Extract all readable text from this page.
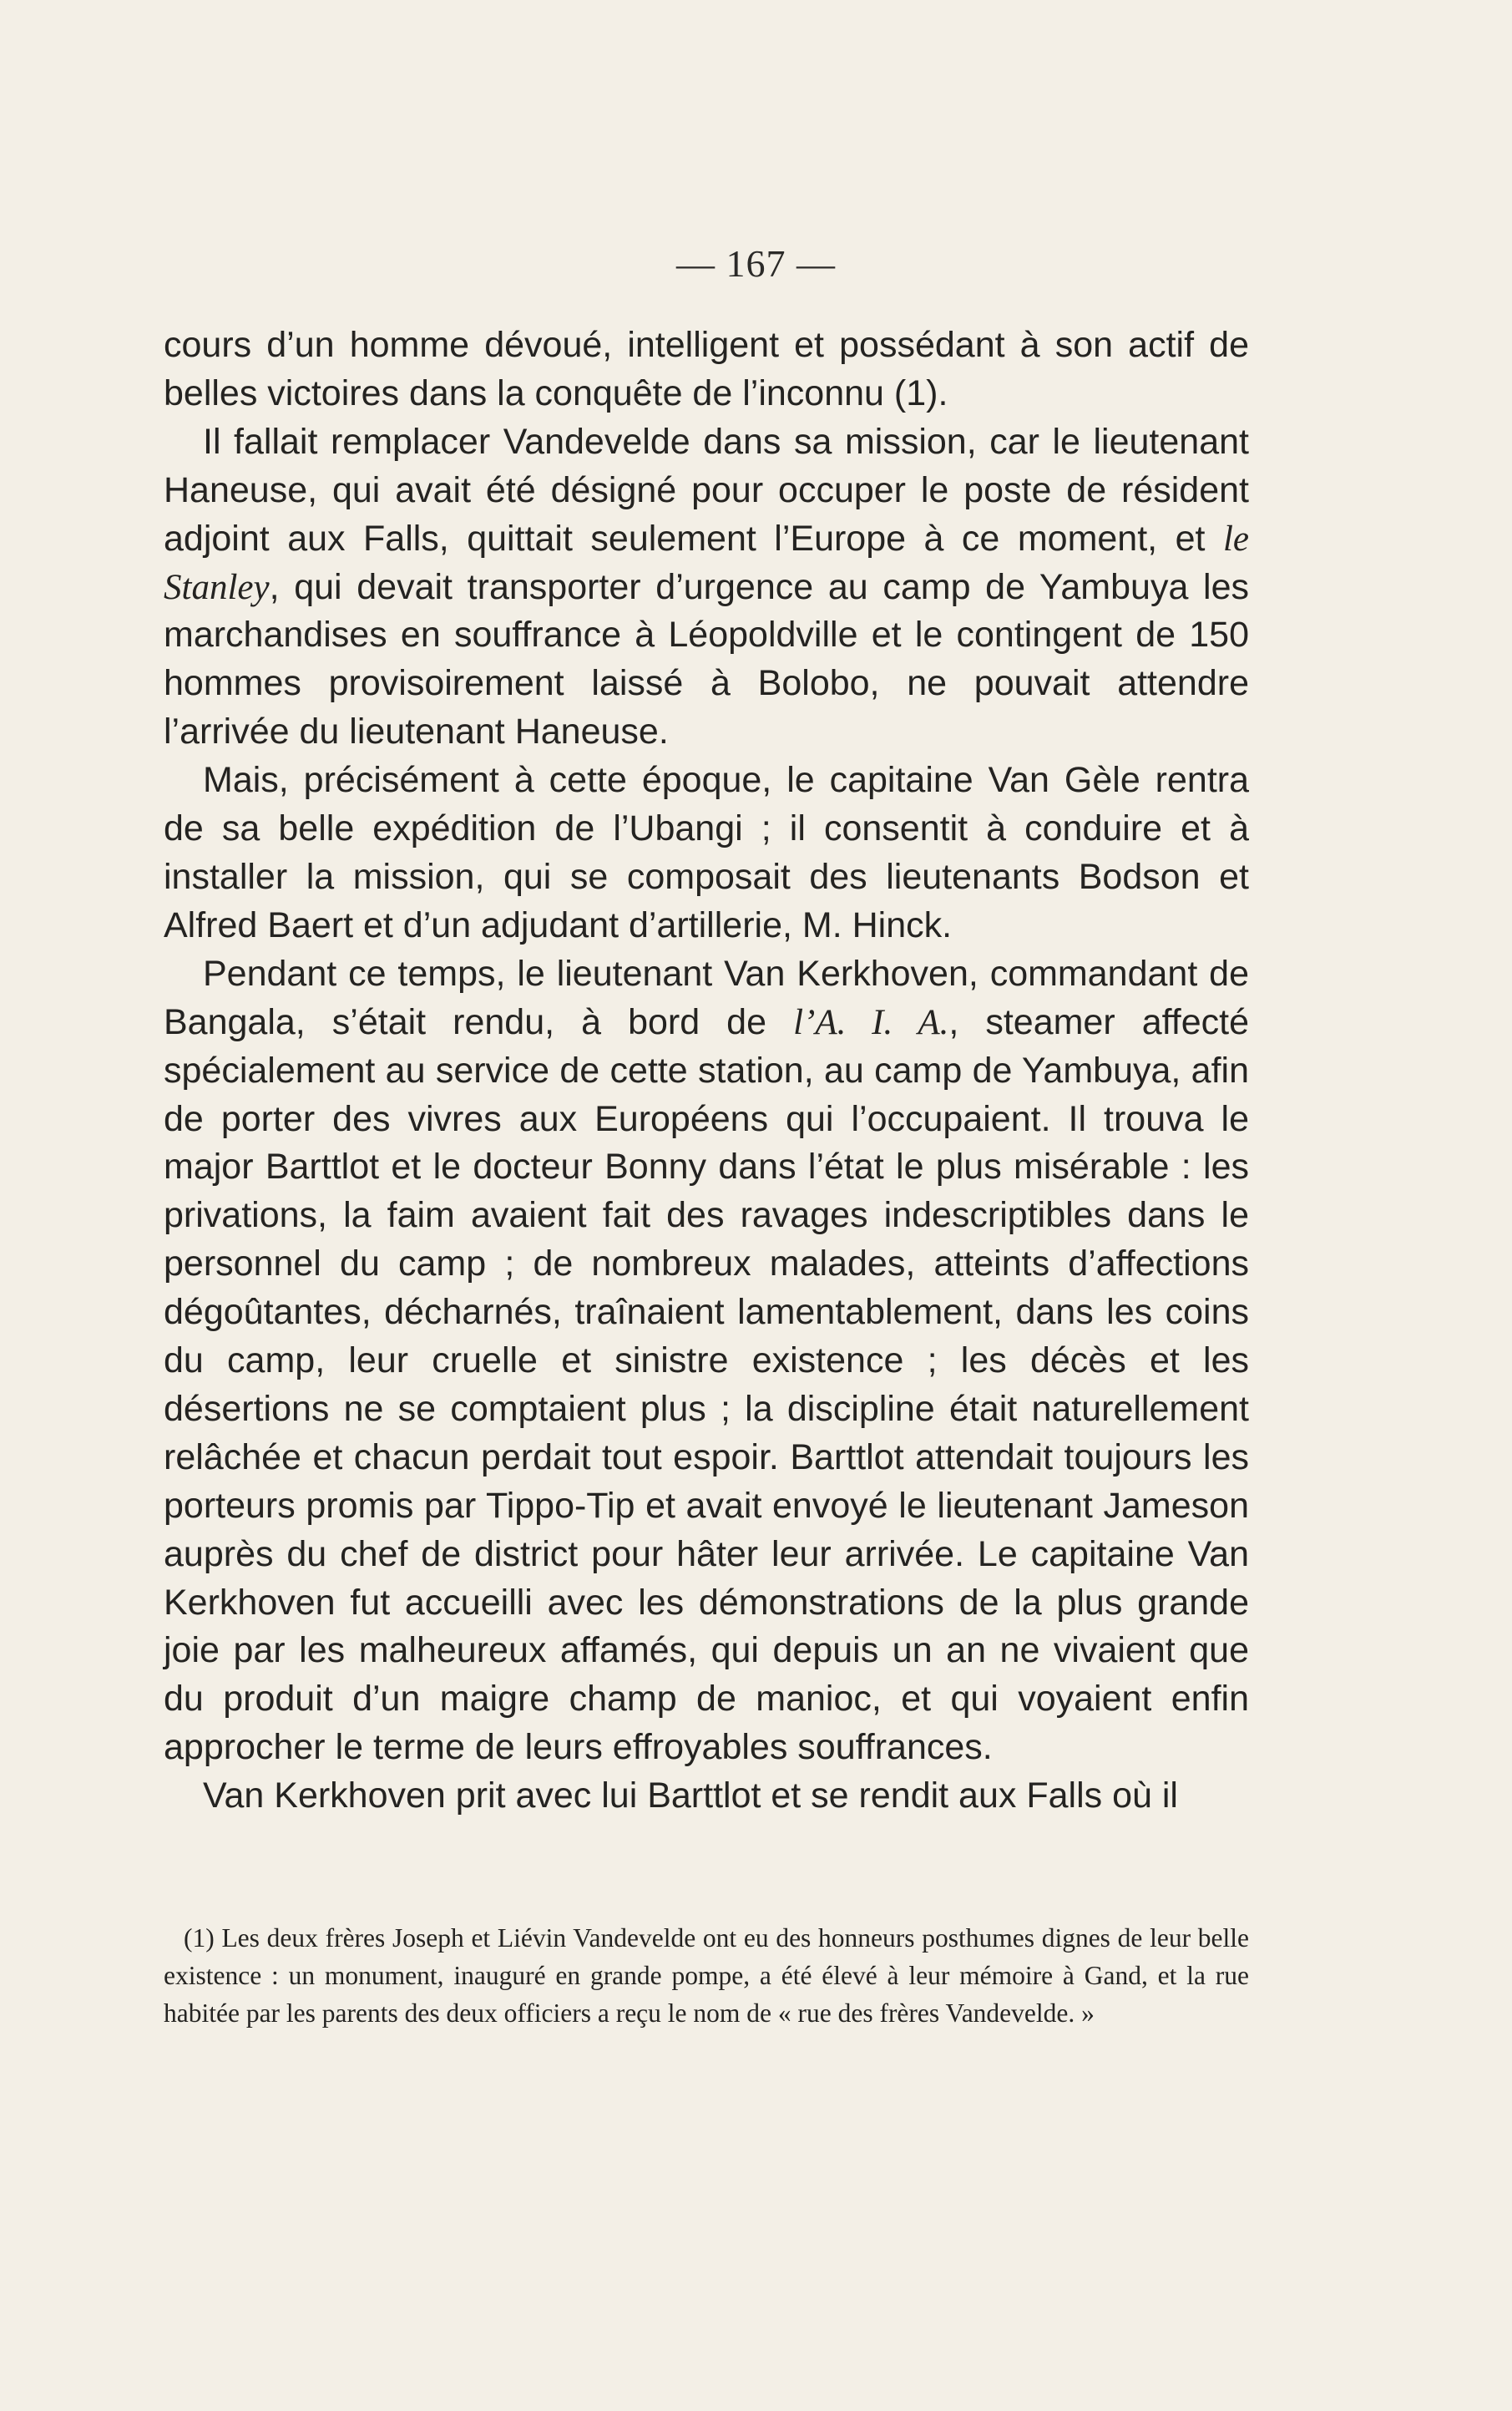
— 167 —

cours d’un homme dévoué, intelligent et possédant à son actif de belles victoires dans la conquête de l’inconnu (1).

Il fallait remplacer Vandevelde dans sa mission, car le lieutenant Haneuse, qui avait été désigné pour occuper le poste de résident adjoint aux Falls, quittait seulement l’Europe à ce moment, et le Stanley, qui devait transporter d’urgence au camp de Yambuya les marchandises en souffrance à Léopoldville et le contingent de 150 hommes provisoirement laissé à Bolobo, ne pouvait attendre l’arrivée du lieutenant Haneuse.

Mais, précisément à cette époque, le capitaine Van Gèle rentra de sa belle expédition de l’Ubangi ; il consentit à conduire et à installer la mission, qui se composait des lieutenants Bodson et Alfred Baert et d’un adjudant d’artillerie, M. Hinck.

Pendant ce temps, le lieutenant Van Kerkhoven, commandant de Bangala, s’était rendu, à bord de l’A. I. A., steamer affecté spécialement au service de cette station, au camp de Yambuya, afin de porter des vivres aux Européens qui l’occupaient. Il trouva le major Barttlot et le docteur Bonny dans l’état le plus misérable : les privations, la faim avaient fait des ravages indescriptibles dans le personnel du camp ; de nombreux malades, atteints d’affections dégoûtantes, décharnés, traînaient lamentablement, dans les coins du camp, leur cruelle et sinistre existence ; les décès et les désertions ne se comptaient plus ; la discipline était naturellement relâchée et chacun perdait tout espoir. Barttlot attendait toujours les porteurs promis par Tippo-Tip et avait envoyé le lieutenant Jameson auprès du chef de district pour hâter leur arrivée. Le capitaine Van Kerkhoven fut accueilli avec les démonstrations de la plus grande joie par les malheureux affamés, qui depuis un an ne vivaient que du produit d’un maigre champ de manioc, et qui voyaient enfin approcher le terme de leurs effroyables souffrances.

Van Kerkhoven prit avec lui Barttlot et se rendit aux Falls où il

(1) Les deux frères Joseph et Liévin Vandevelde ont eu des honneurs posthumes dignes de leur belle existence : un monument, inauguré en grande pompe, a été élevé à leur mémoire à Gand, et la rue habitée par les parents des deux officiers a reçu le nom de « rue des frères Vandevelde. »
